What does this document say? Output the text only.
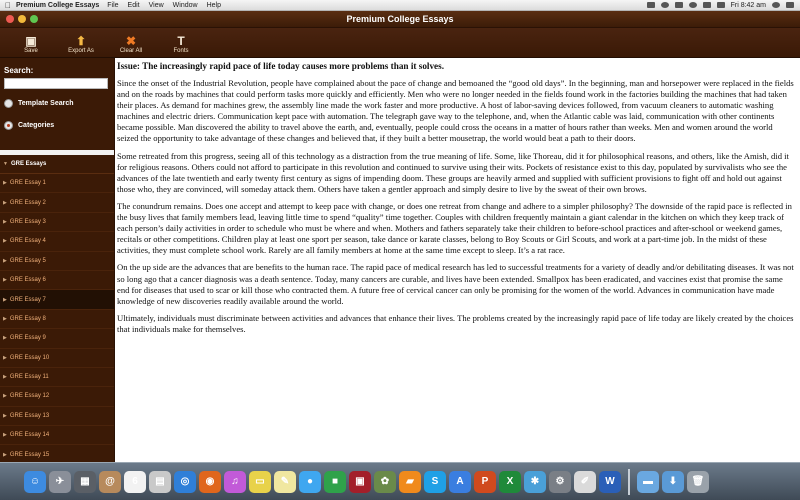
Premium College Essays File Edit View Window Help	Fri 8:42 am
Premium College Essays
▣
Save
⬆
Export As
✖
Clear All
T
Fonts
Search:
Template Search
Categories
▼ GRE Essays
▶ GRE Essay 1
▶ GRE Essay 2
▶ GRE Essay 3
▶ GRE Essay 4
▶ GRE Essay 5
▶ GRE Essay 6
▶ GRE Essay 7
▶ GRE Essay 8
▶ GRE Essay 9
▶ GRE Essay 10
▶ GRE Essay 11
▶ GRE Essay 12
▶ GRE Essay 13
▶ GRE Essay 14
▶ GRE Essay 15
Issue: The increasingly rapid pace of life today causes more problems than it solves.

Since the onset of the Industrial Revolution, people have complained about the pace of change and bemoaned the “good old days”. In the beginning, man and horsepower were replaced in the fields and on the roads by machines that could perform tasks more quickly and efficiently. Men who were no longer needed in the fields found work in the factories building the machines that had taken their places. As demand for machines grew, the assembly line made the work faster and more productive. A host of labor-saving devices followed, from vacuum cleaners to automatic washing machines and electric driers. Communication kept pace with automation. The telegraph gave way to the telephone, and, when the Atlantic cable was laid, communication with other continents became possible. Man discovered the ability to travel above the earth, and, eventually, people could cross the oceans in a matter of hours rather than weeks. Men and women around the world seized the opportunity to take advantage of these changes and believed that, if they built a better mousetrap, the world would beat a path to their doors.

Some retreated from this progress, seeing all of this technology as a distraction from the true meaning of life. Some, like Thoreau, did it for philosophical reasons, and others, like the Amish, did it for religious reasons. Others could not afford to participate in this revolution and continued to survive using their wits. Pockets of resistance exist to this day, populated by survivalists who see the advances of the late twentieth and early twenty first century as signs of impending doom. These groups are heavily armed and supplied with sufficient provisions to fight off and hold out against those who, they are convinced, will someday attack them. Others have taken a gentler approach and simply desire to live by the sweat of their own brows.

The conundrum remains. Does one accept and attempt to keep pace with change, or does one retreat from change and adhere to a simpler philosophy? The downside of the rapid pace is reflected in the busy lives that family members lead, leaving little time to spend “quality” time together. Couples with children frequently maintain a giant calendar in the kitchen on which they keep track of each person’s daily activities in order to schedule who must be where and when. Mothers and fathers separately take their children to before-school practices and after-school or weekend games, recitals or other competitions. Children play at least one sport per season, take dance or karate classes, belong to Boy Scouts or Girl Scouts, and work at a part-time job. In the midst of these activities, they must complete school work. Rarely are all family members at home at the same time except to sleep. It’s a rat race.

On the up side are the advances that are benefits to the human race. The rapid pace of medical research has led to successful treatments for a variety of deadly and/or debilitating diseases. It was not so long ago that a cancer diagnosis was a death sentence. Today, many cancers are curable, and lives have been extended. Smallpox has been eradicated, and vaccines exist that promise the same end for diseases that used to scar or kill those who contracted them. A future free of cervical cancer can only be promising for the women of the world. Advances in communication have made knowledge of new discoveries readily available around the world.

Ultimately, individuals must discriminate between activities and advances that enhance their lives. The problems created by the increasingly rapid pace of life today are likely created by the choices that individuals make for themselves.

☺	✈	▦	@	6	▤	◎	◉	♫	▭	✎	●	■	▣	✿	▰	S	A	P	X	✱	⚙	✐	W	▬	⬇	🗑
